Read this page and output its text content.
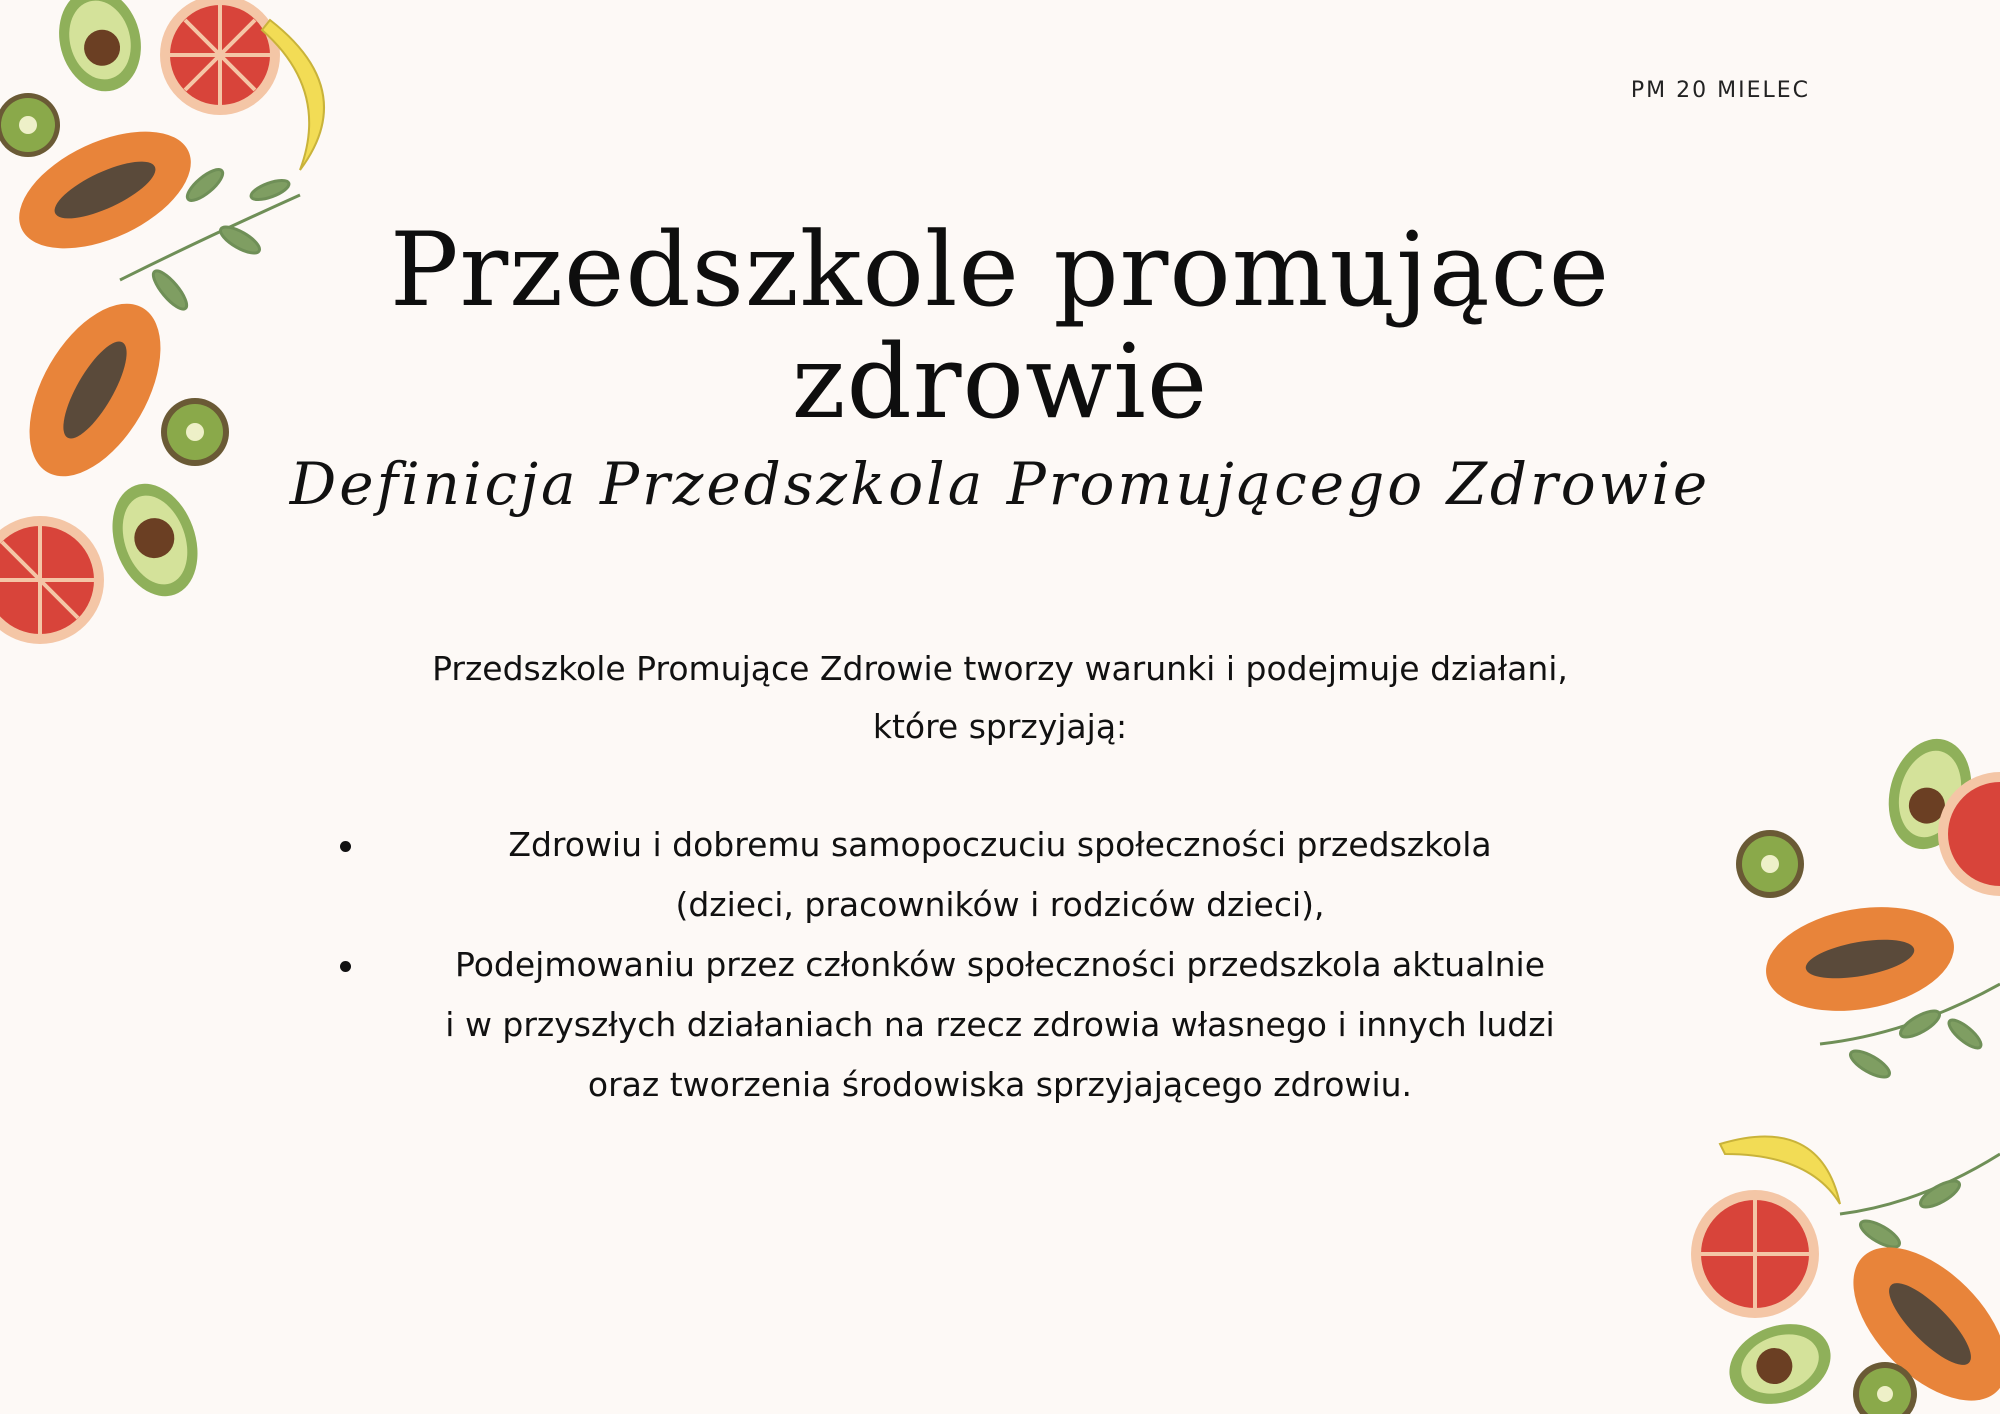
PM 20 MIELEC
Przedszkole promujące
zdrowie
Definicja Przedszkola Promującego Zdrowie
Przedszkole Promujące Zdrowie tworzy warunki i podejmuje działani,
które sprzyjają:
Zdrowiu i dobremu samopoczuciu społeczności przedszkola
(dzieci, pracowników i rodziców dzieci),
Podejmowaniu przez członków społeczności przedszkola aktualnie
i w przyszłych działaniach na rzecz zdrowia własnego i innych ludzi
oraz tworzenia środowiska sprzyjającego zdrowiu.
